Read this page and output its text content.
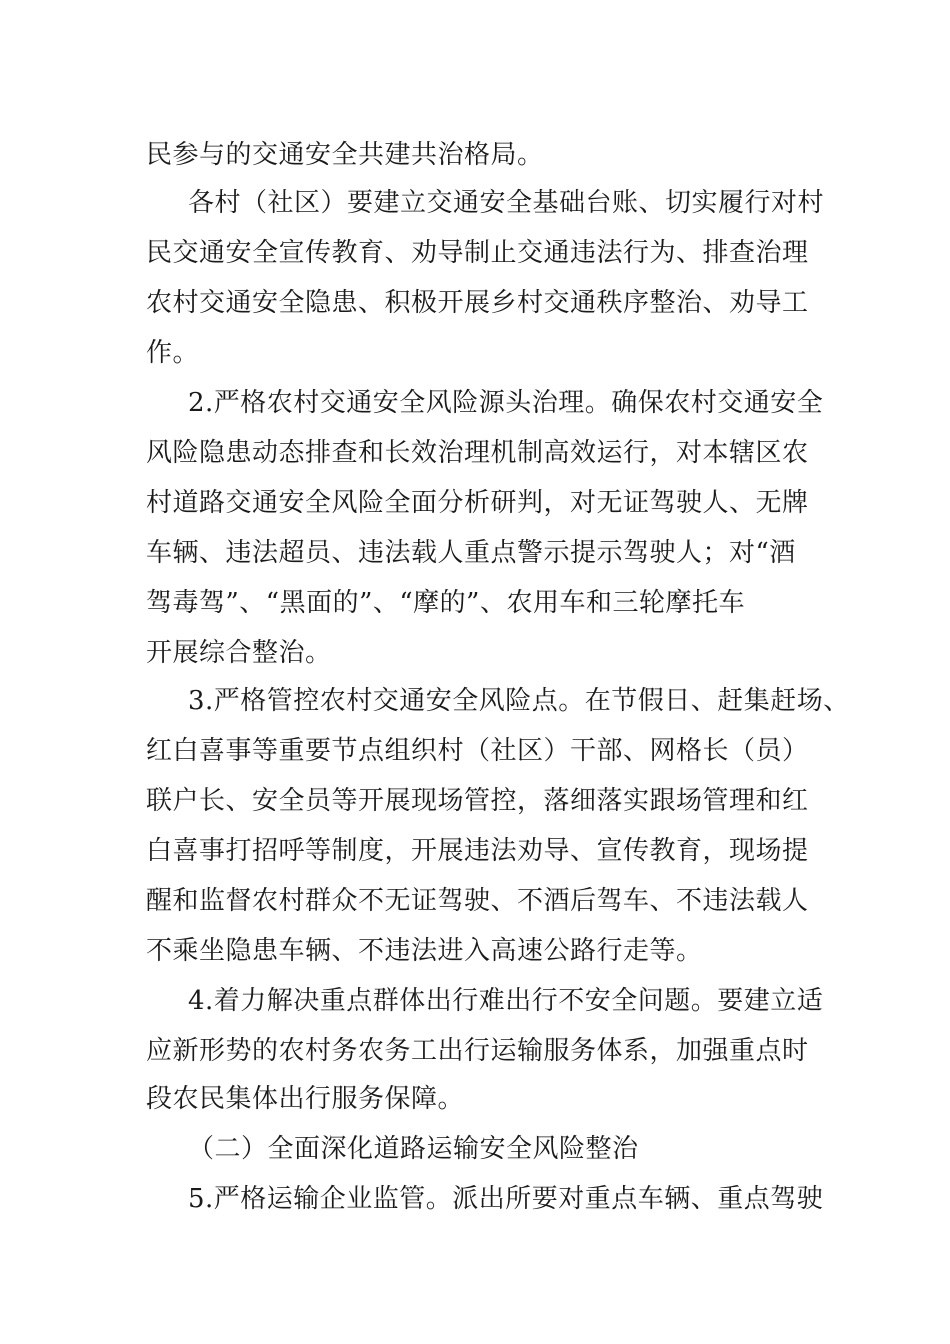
民参与的交通安全共建共治格局。
各村（社区）要建立交通安全基础台账、切实履行对村
民交通安全宣传教育、劝导制止交通违法行为、排查治理
农村交通安全隐患、积极开展乡村交通秩序整治、劝导工
作。
2.严格农村交通安全风险源头治理。确保农村交通安全
风险隐患动态排查和长效治理机制高效运行，对本辖区农
村道路交通安全风险全面分析研判，对无证驾驶人、无牌
车辆、违法超员、违法载人重点警示提示驾驶人；对“酒
驾毒驾”、“黑面的”、“摩的”、农用车和三轮摩托车
开展综合整治。
3.严格管控农村交通安全风险点。在节假日、赶集赶场、
红白喜事等重要节点组织村（社区）干部、网格长（员）
联户长、安全员等开展现场管控，落细落实跟场管理和红
白喜事打招呼等制度，开展违法劝导、宣传教育，现场提
醒和监督农村群众不无证驾驶、不酒后驾车、不违法载人
不乘坐隐患车辆、不违法进入高速公路行走等。
4.着力解决重点群体出行难出行不安全问题。要建立适
应新形势的农村务农务工出行运输服务体系，加强重点时
段农民集体出行服务保障。
（二）全面深化道路运输安全风险整治
5.严格运输企业监管。派出所要对重点车辆、重点驾驶
